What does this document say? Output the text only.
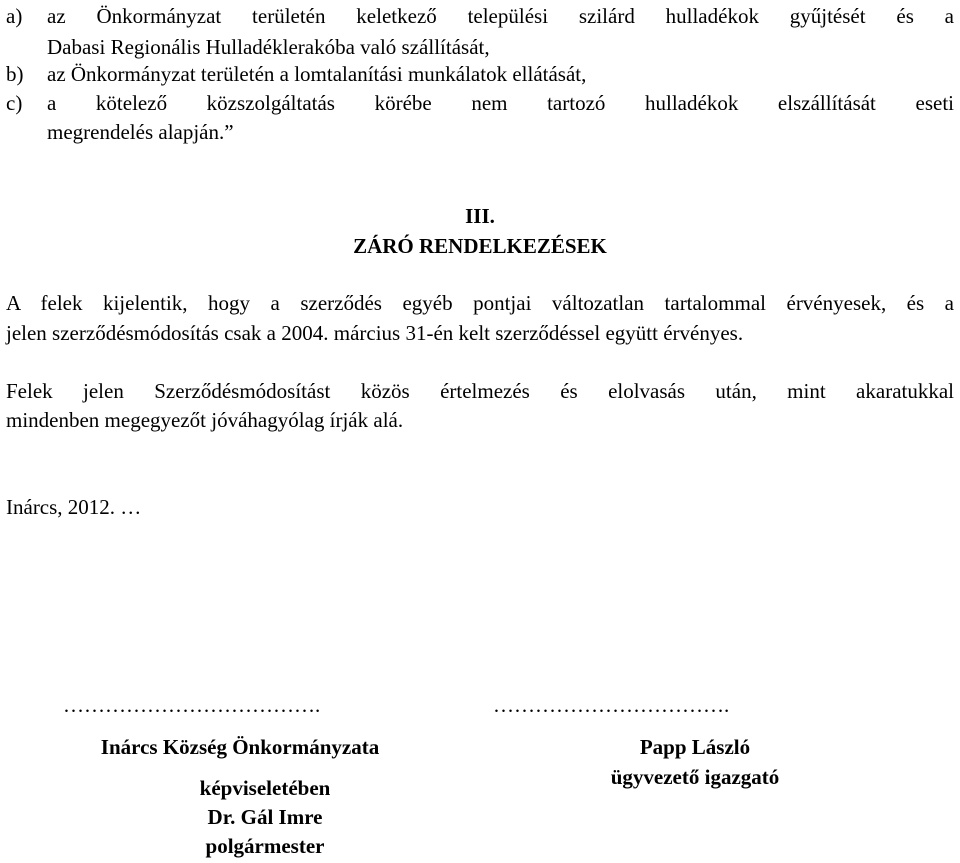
a) az Önkormányzat területén keletkező települési szilárd hulladékok gyűjtését és a
Dabasi Regionális Hulladéklerakóba való szállítását,
b) az Önkormányzat területén a lomtalanítási munkálatok ellátását,
c) a kötelező közszolgáltatás körébe nem tartozó hulladékok elszállítását eseti
megrendelés alapján.”
III.
ZÁRÓ RENDELKEZÉSEK
A felek kijelentik, hogy a szerződés egyéb pontjai változatlan tartalommal érvényesek, és a
jelen szerződésmódosítás csak a 2004. március 31-én kelt szerződéssel együtt érvényes.
Felek jelen Szerződésmódosítást közös értelmezés és elolvasás után, mint akaratukkal
mindenben megegyezőt jóváhagyólag írják alá.
Inárcs, 2012. …
……………………………….
Inárcs Község Önkormányzata
képviseletében
Dr. Gál Imre
polgármester
…………………………….
Papp László
ügyvezető igazgató
